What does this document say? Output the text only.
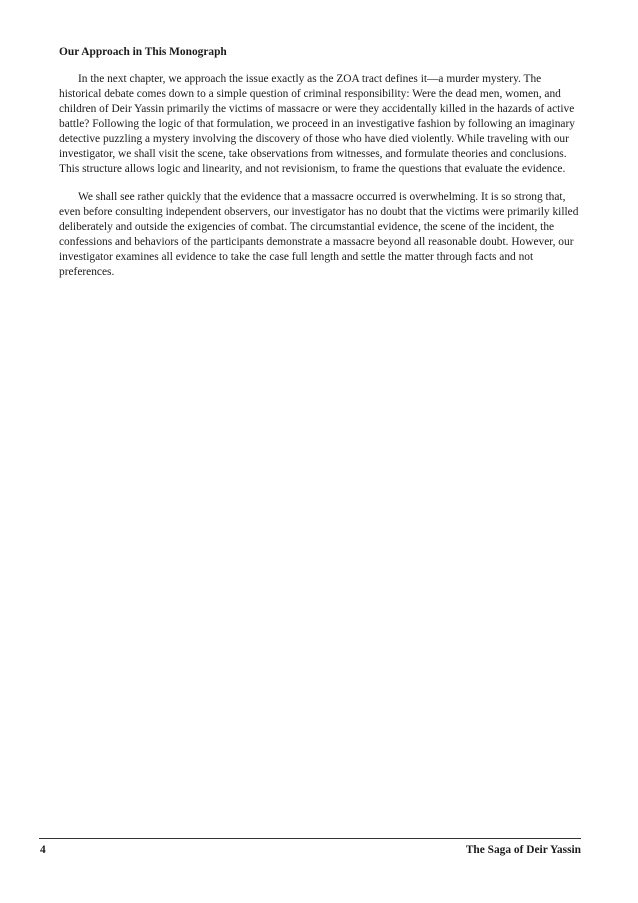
Our Approach in This Monograph

In the next chapter, we approach the issue exactly as the ZOA tract defines it—a murder mystery. The historical debate comes down to a simple question of criminal responsibility: Were the dead men, women, and children of Deir Yassin primarily the victims of massacre or were they accidentally killed in the hazards of active battle? Following the logic of that formulation, we proceed in an investigative fashion by following an imaginary detective puzzling a mystery involving the discovery of those who have died violently. While traveling with our investigator, we shall visit the scene, take observations from witnesses, and formulate theories and conclusions. This structure allows logic and linearity, and not revisionism, to frame the questions that evaluate the evidence.

We shall see rather quickly that the evidence that a massacre occurred is overwhelming. It is so strong that, even before consulting independent observers, our investigator has no doubt that the victims were primarily killed deliberately and outside the exigencies of combat. The circumstantial evidence, the scene of the incident, the confessions and behaviors of the participants demonstrate a massacre beyond all reasonable doubt. However, our investigator examines all evidence to take the case full length and settle the matter through facts and not preferences.

4	The Saga of Deir Yassin
